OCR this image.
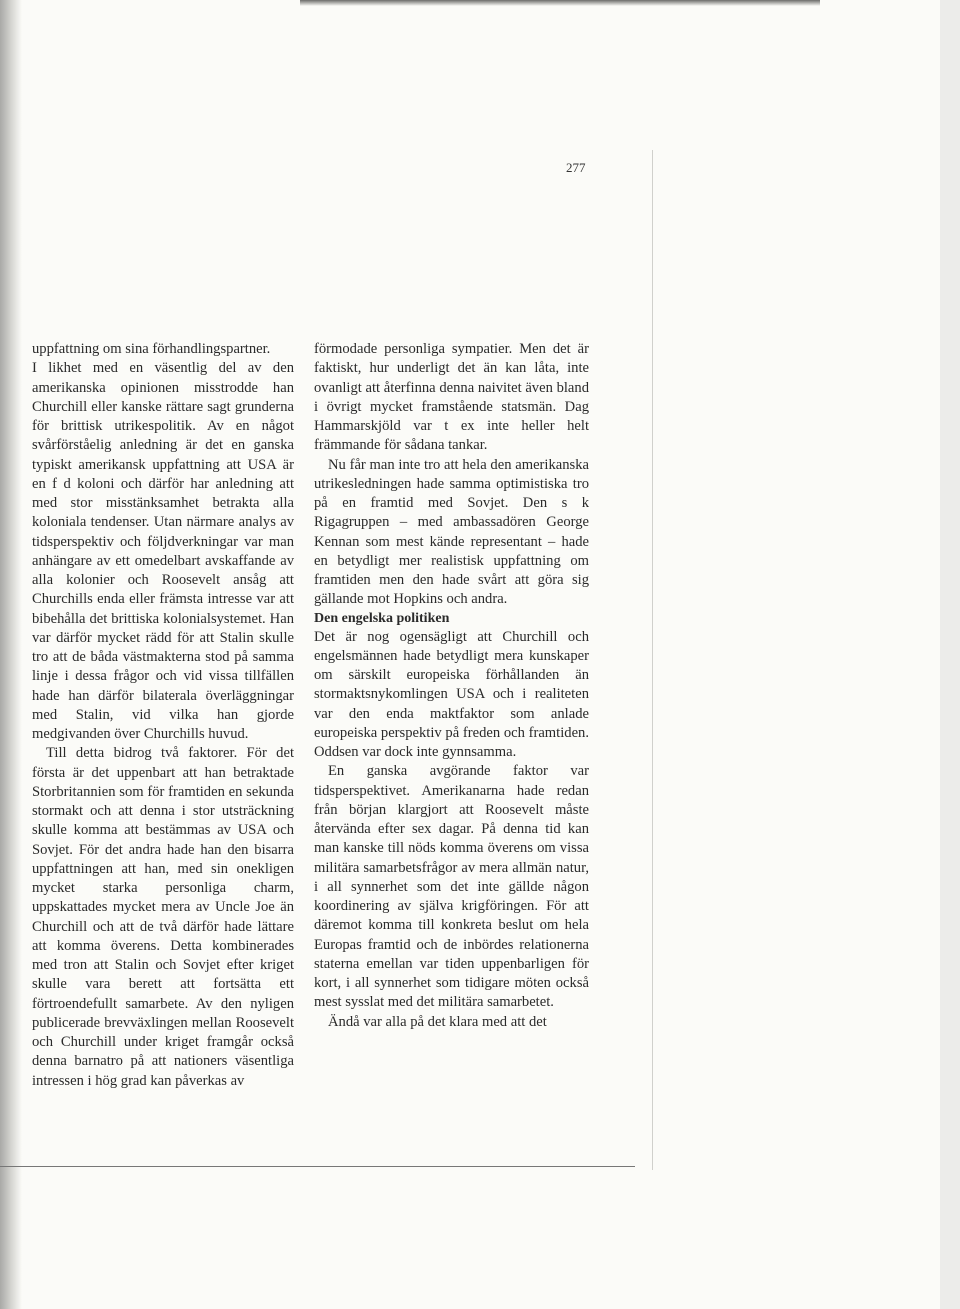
277

uppfattning om sina förhandlingspartner.

I likhet med en väsentlig del av den amerikanska opinionen misstrodde han Churchill eller kanske rättare sagt grunderna för brittisk utrikespolitik. Av en något svårförståelig anledning är det en ganska typiskt amerikansk uppfattning att USA är en f d koloni och därför har anledning att med stor misstänksamhet betrakta alla koloniala tendenser. Utan närmare analys av tidsperspektiv och följdverkningar var man anhängare av ett omedelbart avskaffande av alla kolonier och Roosevelt ansåg att Churchills enda eller främsta intresse var att bibehålla det brittiska kolonialsystemet. Han var därför mycket rädd för att Stalin skulle tro att de båda västmakterna stod på samma linje i dessa frågor och vid vissa tillfällen hade han därför bilaterala överläggningar med Stalin, vid vilka han gjorde medgivanden över Churchills huvud.

Till detta bidrog två faktorer. För det första är det uppenbart att han betraktade Storbritannien som för framtiden en sekunda stormakt och att denna i stor utsträckning skulle komma att bestämmas av USA och Sovjet. För det andra hade han den bisarra uppfattningen att han, med sin onekligen mycket starka personliga charm, uppskattades mycket mera av Uncle Joe än Churchill och att de två därför hade lättare att komma överens. Detta kombinerades med tron att Stalin och Sovjet efter kriget skulle vara berett att fortsätta ett förtroendefullt samarbete. Av den nyligen publicerade brevväxlingen mellan Roosevelt och Churchill under kriget framgår också denna barnatro på att nationers väsentliga intressen i hög grad kan påverkas av

förmodade personliga sympatier. Men det är faktiskt, hur underligt det än kan låta, inte ovanligt att återfinna denna naivitet även bland i övrigt mycket framstående statsmän. Dag Hammarskjöld var t ex inte heller helt främmande för sådana tankar.

Nu får man inte tro att hela den amerikanska utrikesledningen hade samma optimistiska tro på en framtid med Sovjet. Den s k Rigagruppen – med ambassadören George Kennan som mest kände representant – hade en betydligt mer realistisk uppfattning om framtiden men den hade svårt att göra sig gällande mot Hopkins och andra.

Den engelska politiken

Det är nog ogensägligt att Churchill och engelsmännen hade betydligt mera kunskaper om särskilt europeiska förhållanden än stormaktsnykomlingen USA och i realiteten var den enda maktfaktor som anlade europeiska perspektiv på freden och framtiden. Oddsen var dock inte gynnsamma.

En ganska avgörande faktor var tidsperspektivet. Amerikanarna hade redan från början klargjort att Roosevelt måste återvända efter sex dagar. På denna tid kan man kanske till nöds komma överens om vissa militära samarbetsfrågor av mera allmän natur, i all synnerhet som det inte gällde någon koordinering av själva krigföringen. För att däremot komma till konkreta beslut om hela Europas framtid och de inbördes relationerna staterna emellan var tiden uppenbarligen för kort, i all synnerhet som tidigare möten också mest sysslat med det militära samarbetet.

Ändå var alla på det klara med att det
